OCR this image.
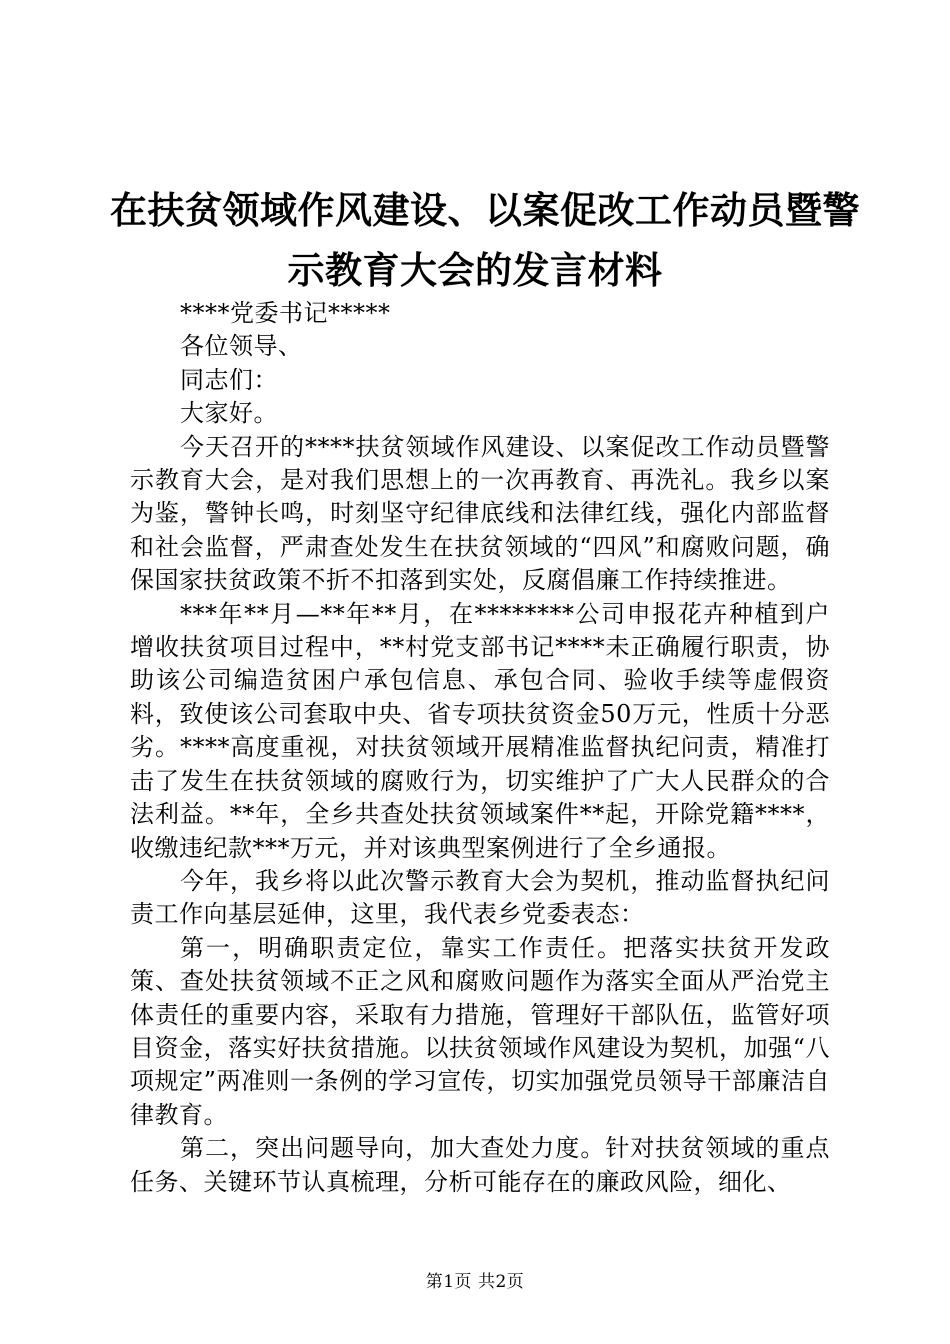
在扶贫领域作风建设、以案促改工作动员暨警
示教育大会的发言材料

****党委书记*****

各位领导、

同志们：

大家好。

今天召开的****扶贫领域作风建设、以案促改工作动员暨警示教育大会，是对我们思想上的一次再教育、再洗礼。我乡以案为鉴，警钟长鸣，时刻坚守纪律底线和法律红线，强化内部监督和社会监督，严肃查处发生在扶贫领域的“四风”和腐败问题，确保国家扶贫政策不折不扣落到实处，反腐倡廉工作持续推进。

***年**月—**年**月，在********公司申报花卉种植到户增收扶贫项目过程中，**村党支部书记****未正确履行职责，协助该公司编造贫困户承包信息、承包合同、验收手续等虚假资料，致使该公司套取中央、省专项扶贫资金50万元，性质十分恶劣。****高度重视，对扶贫领域开展精准监督执纪问责，精准打击了发生在扶贫领域的腐败行为，切实维护了广大人民群众的合法利益。**年，全乡共查处扶贫领域案件**起，开除党籍****，收缴违纪款***万元，并对该典型案例进行了全乡通报。

今年，我乡将以此次警示教育大会为契机，推动监督执纪问责工作向基层延伸，这里，我代表乡党委表态：

第一，明确职责定位，靠实工作责任。把落实扶贫开发政策、查处扶贫领域不正之风和腐败问题作为落实全面从严治党主体责任的重要内容，采取有力措施，管理好干部队伍，监管好项目资金，落实好扶贫措施。以扶贫领域作风建设为契机，加强“八项规定”两准则一条例的学习宣传，切实加强党员领导干部廉洁自律教育。

第二，突出问题导向，加大查处力度。针对扶贫领域的重点任务、关键环节认真梳理，分析可能存在的廉政风险，细化、

第1页 共2页
